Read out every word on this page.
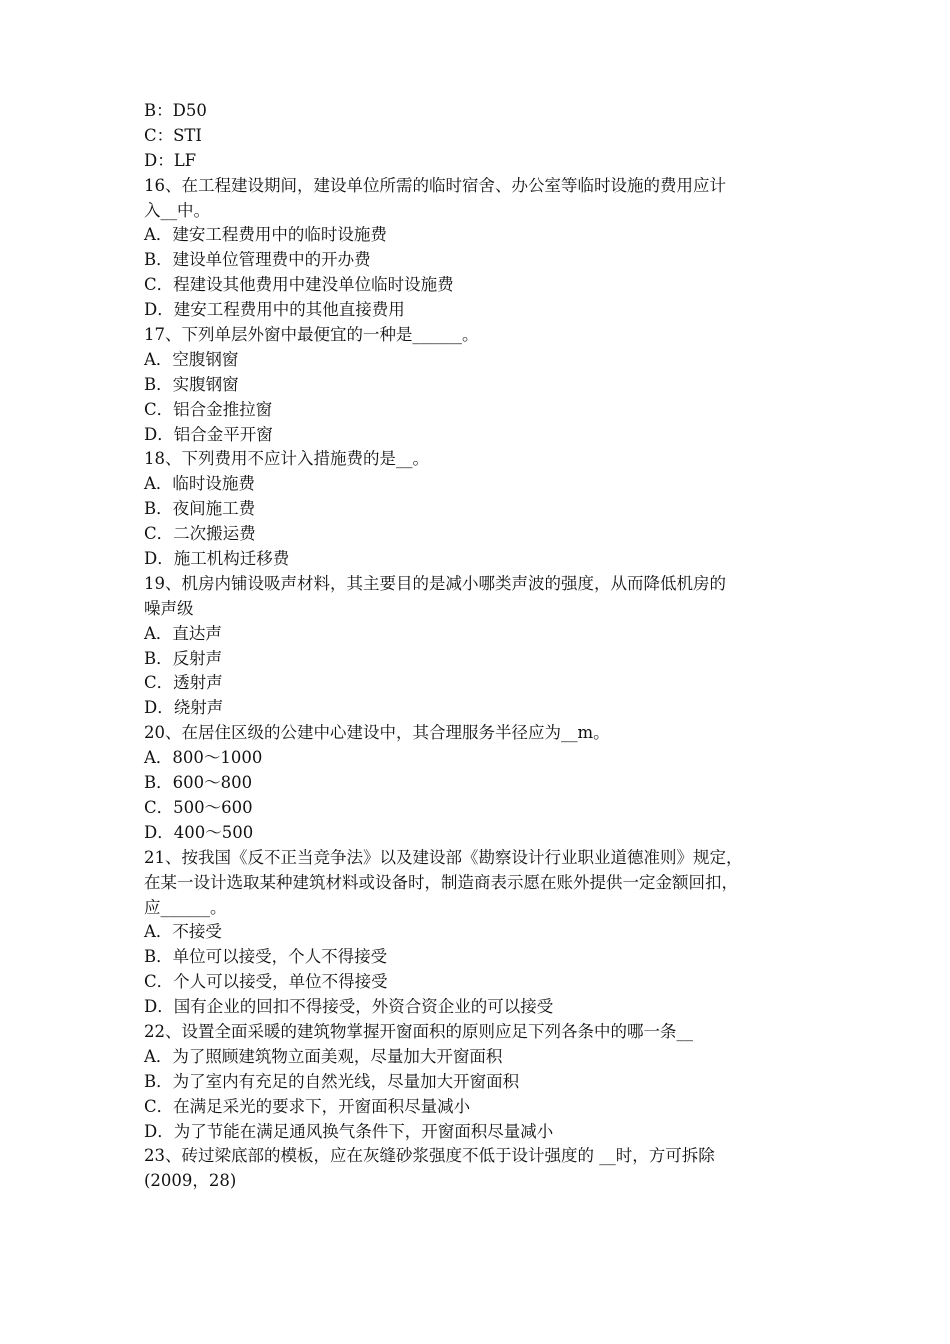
B：D50
C：STI
D：LF
16、在工程建设期间，建设单位所需的临时宿舍、办公室等临时设施的费用应计
入__中。
A．建安工程费用中的临时设施费
B．建设单位管理费中的开办费
C．程建设其他费用中建没单位临时设施费
D．建安工程费用中的其他直接费用
17、下列单层外窗中最便宜的一种是______。
A．空腹钢窗
B．实腹钢窗
C．铝合金推拉窗
D．铝合金平开窗
18、下列费用不应计入措施费的是__。
A．临时设施费
B．夜间施工费
C．二次搬运费
D．施工机构迁移费
19、机房内铺设吸声材料，其主要目的是减小哪类声波的强度，从而降低机房的
噪声级
A．直达声
B．反射声
C．透射声
D．绕射声
20、在居住区级的公建中心建设中，其合理服务半径应为__m。
A．800～1000
B．600～800
C．500～600
D．400～500
21、按我国《反不正当竞争法》以及建设部《勘察设计行业职业道德准则》规定，
在某一设计选取某种建筑材料或设备时，制造商表示愿在账外提供一定金额回扣，
应______。
A．不接受
B．单位可以接受，个人不得接受
C．个人可以接受，单位不得接受
D．国有企业的回扣不得接受，外资合资企业的可以接受
22、设置全面采暖的建筑物掌握开窗面积的原则应足下列各条中的哪一条__
A．为了照顾建筑物立面美观，尽量加大开窗面积
B．为了室内有充足的自然光线，尽量加大开窗面积
C．在满足采光的要求下，开窗面积尽量减小
D．为了节能在满足通风换气条件下，开窗面积尽量减小
23、砖过梁底部的模板，应在灰缝砂浆强度不低于设计强度的 __时，方可拆除
(2009，28)
